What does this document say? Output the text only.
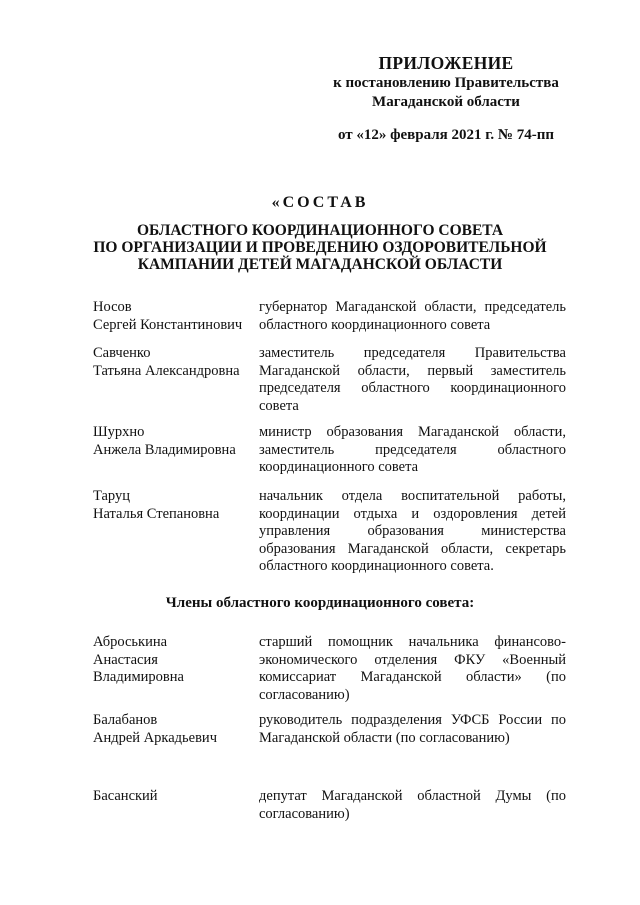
ПРИЛОЖЕНИЕ
к постановлению Правительства
Магаданской области
от «12» февраля 2021 г. № 74-пп
«СОСТАВ
ОБЛАСТНОГО КООРДИНАЦИОННОГО СОВЕТА
ПО ОРГАНИЗАЦИИ И ПРОВЕДЕНИЮ ОЗДОРОВИТЕЛЬНОЙ
КАМПАНИИ ДЕТЕЙ МАГАДАНСКОЙ ОБЛАСТИ
Носов
Сергей Константинович
губернатор Магаданской области, председатель областного координационного совета
Савченко
Татьяна Александровна
заместитель председателя Правительства Магаданской области, первый заместитель председателя областного координационного совета
Шурхно
Анжела Владимировна
министр образования Магаданской области, заместитель председателя областного координационного совета
Таруц
Наталья Степановна
начальник отдела воспитательной работы, координации отдыха и оздоровления детей управления образования министерства образования Магаданской области, секретарь областного координационного совета.
Члены областного координационного совета:
Аброськина
Анастасия
Владимировна
старший помощник начальника финансово-экономического отделения ФКУ «Военный комиссариат Магаданской области» (по согласованию)
Балабанов
Андрей Аркадьевич
руководитель подразделения УФСБ России по Магаданской области (по согласованию)
Басанский	депутат Магаданской областной Думы (по согласованию)
